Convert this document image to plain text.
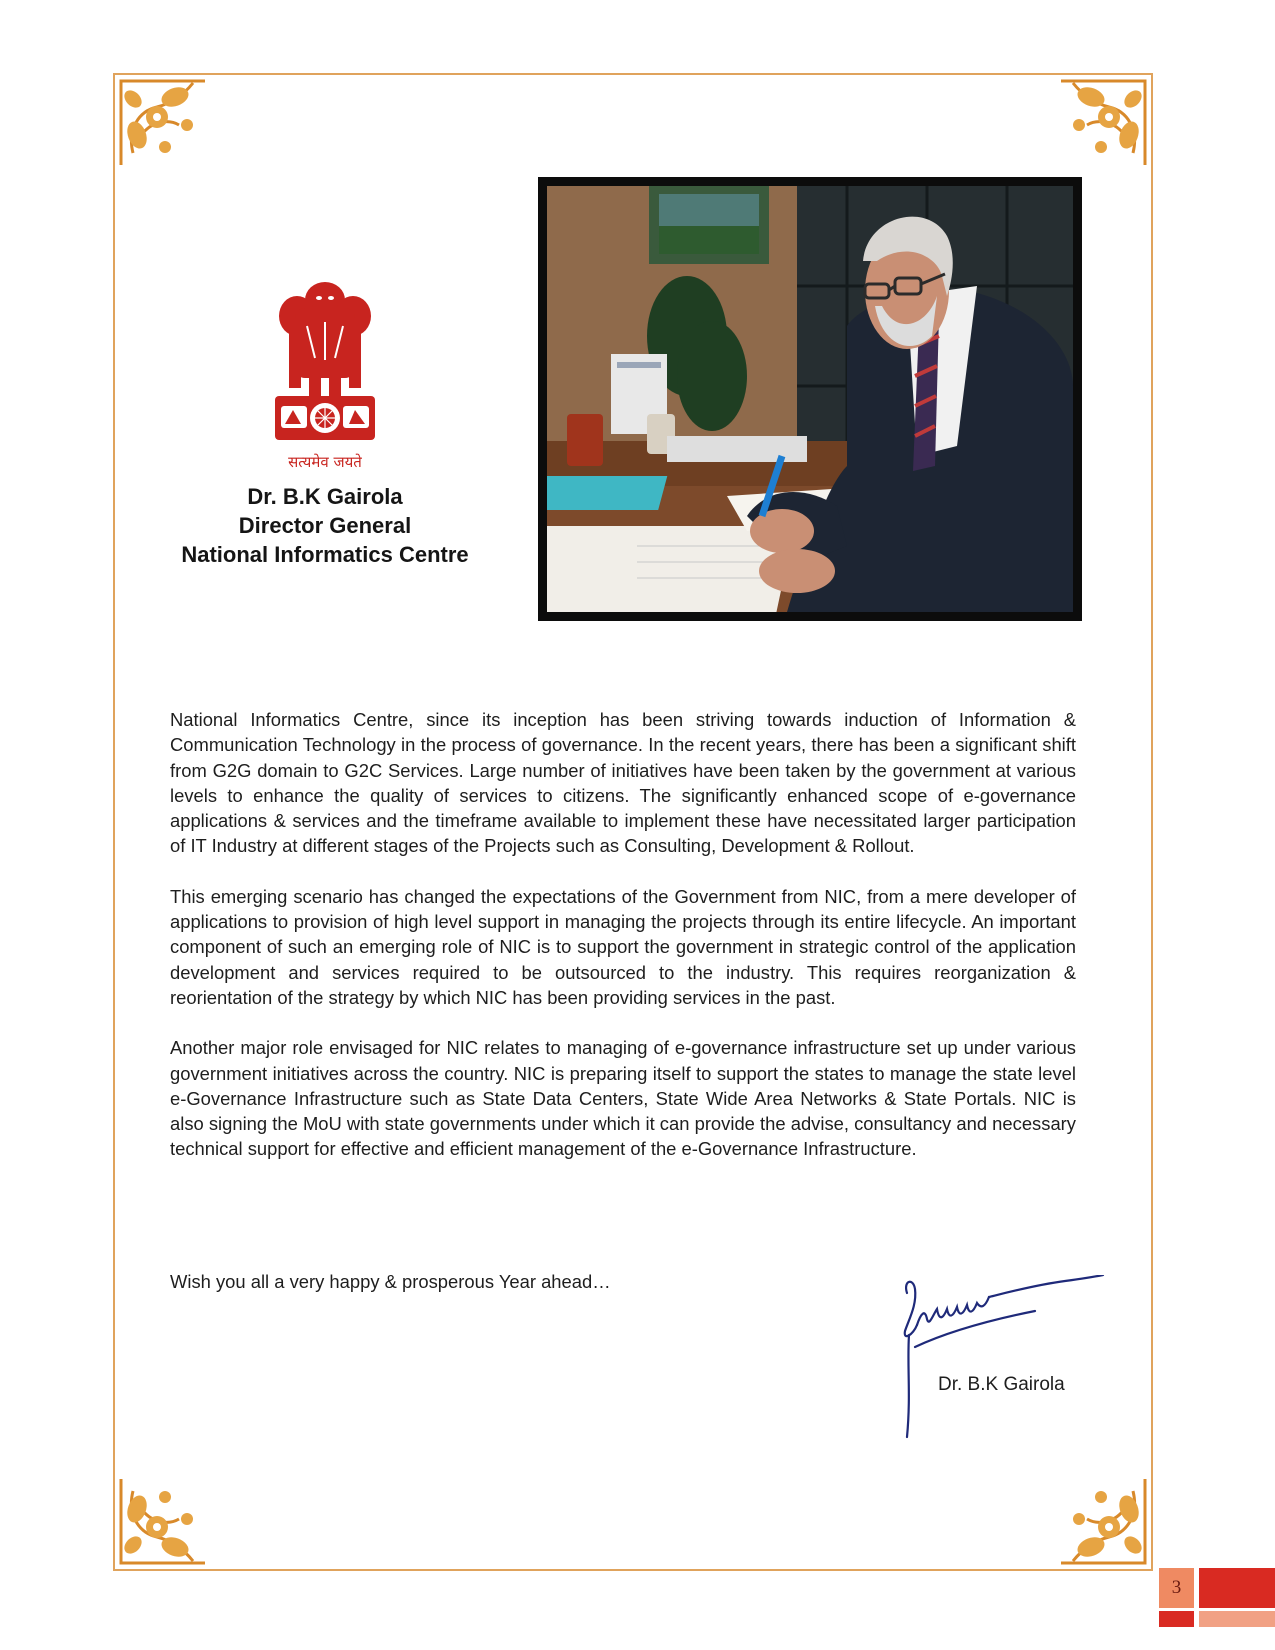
सत्यमेव जयते
Dr. B.K Gairola
Director General
National Informatics Centre

National Informatics Centre, since its inception has been striving towards induction of Information & Communication Technology in the process of governance. In the recent years, there has been a significant shift from G2G domain to G2C Services. Large number of initiatives have been taken by the government at various levels to enhance the quality of services to citizens. The significantly enhanced scope of e-governance applications & services and the timeframe available to implement these have necessitated larger participation of IT Industry at different stages of the Projects such as Consulting, Development & Rollout.

This emerging scenario has changed the expectations of the Government from NIC, from a mere developer of applications to provision of high level support in managing the projects through its entire lifecycle. An important component of such an emerging role of NIC is to support the government in strategic control of the application development and services required to be outsourced to the industry. This requires reorganization & reorientation of the strategy by which NIC has been providing services in the past.

Another major role envisaged for NIC relates to managing of e-governance infrastructure set up under various government initiatives across the country. NIC is preparing itself to support the states to manage the state level e-Governance Infrastructure such as State Data Centers, State Wide Area Networks & State Portals. NIC is also signing the MoU with state governments under which it can provide the advise, consultancy and necessary technical support for effective and efficient management of the e-Governance Infrastructure.

Wish you all a very happy & prosperous Year ahead…
Dr. B.K Gairola
3
